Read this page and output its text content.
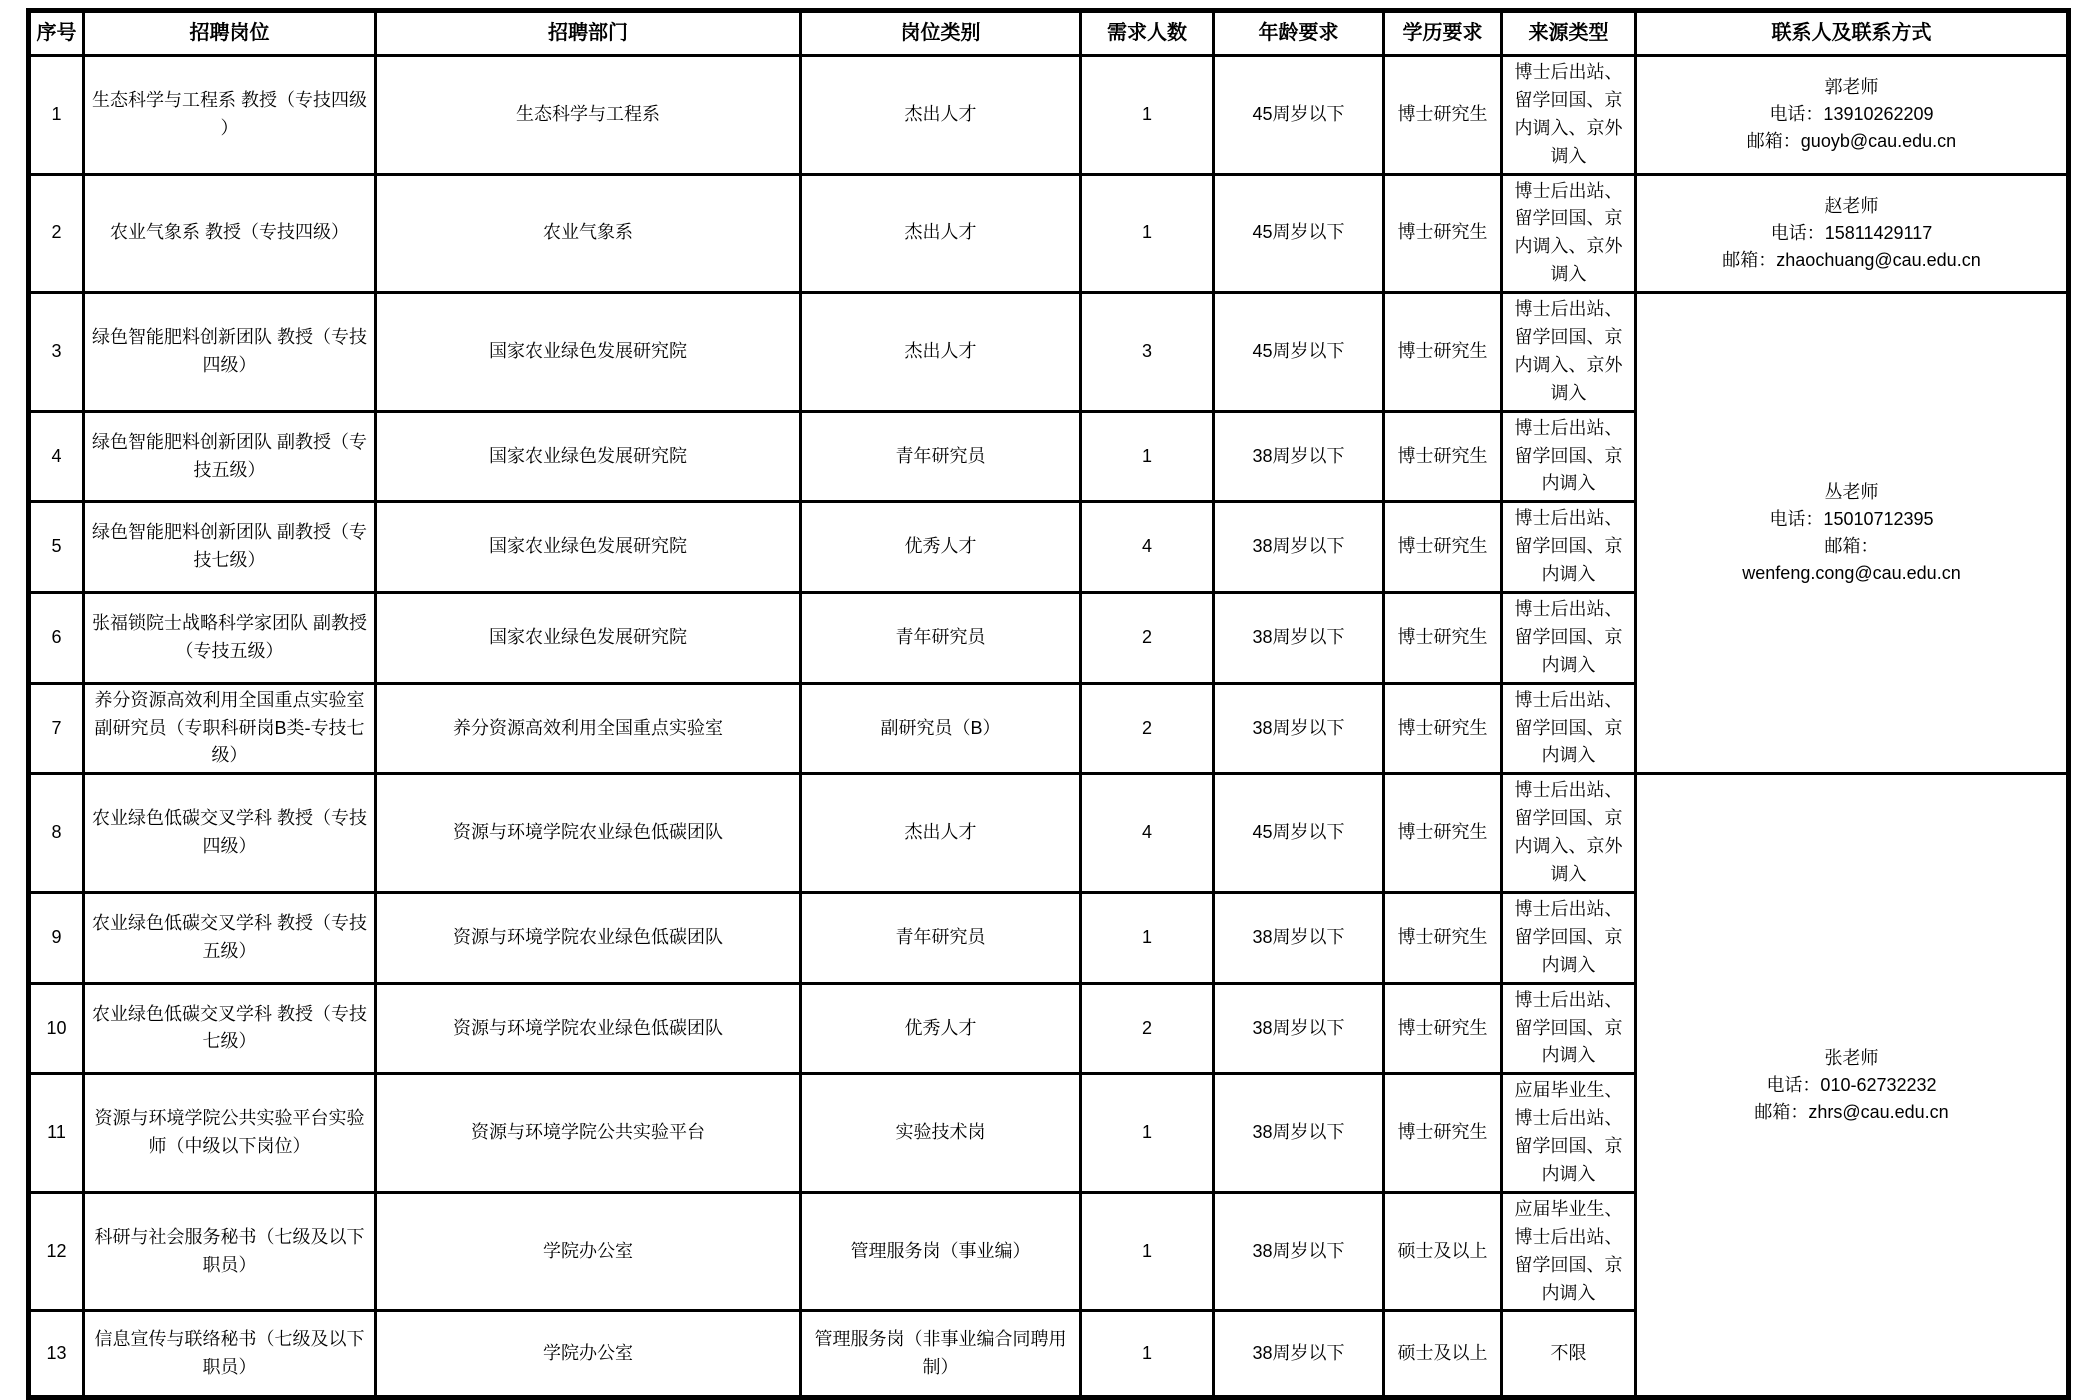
序号	招聘岗位	招聘部门	岗位类别	需求人数	年龄要求	学历要求	来源类型	联系人及联系方式
1	生态科学与工程系 教授（专技四级）	生态科学与工程系	杰出人才	1	45周岁以下	博士研究生	博士后出站、留学回国、京内调入、京外调入	郭老师
电话：13910262209
邮箱：guoyb@cau.edu.cn

2	农业气象系 教授（专技四级）	农业气象系	杰出人才	1	45周岁以下	博士研究生	博士后出站、留学回国、京内调入、京外调入	赵老师
电话：15811429117
邮箱：zhaochuang@cau.edu.cn

3	绿色智能肥料创新团队 教授（专技四级）	国家农业绿色发展研究院	杰出人才	3	45周岁以下	博士研究生	博士后出站、留学回国、京内调入、京外调入	丛老师
电话：15010712395
邮箱：
wenfeng.cong@cau.edu.cn

4	绿色智能肥料创新团队 副教授（专技五级）	国家农业绿色发展研究院	青年研究员	1	38周岁以下	博士研究生	博士后出站、留学回国、京内调入	
5	绿色智能肥料创新团队 副教授（专技七级）	国家农业绿色发展研究院	优秀人才	4	38周岁以下	博士研究生	博士后出站、留学回国、京内调入	
6	张福锁院士战略科学家团队 副教授（专技五级）	国家农业绿色发展研究院	青年研究员	2	38周岁以下	博士研究生	博士后出站、留学回国、京内调入	
7	养分资源高效利用全国重点实验室副研究员（专职科研岗B类-专技七级）	养分资源高效利用全国重点实验室	副研究员（B）	2	38周岁以下	博士研究生	博士后出站、留学回国、京内调入	
8	农业绿色低碳交叉学科 教授（专技四级）	资源与环境学院农业绿色低碳团队	杰出人才	4	45周岁以下	博士研究生	博士后出站、留学回国、京内调入、京外调入	张老师
电话：010-62732232
邮箱：zhrs@cau.edu.cn

9	农业绿色低碳交叉学科 教授（专技五级）	资源与环境学院农业绿色低碳团队	青年研究员	1	38周岁以下	博士研究生	博士后出站、留学回国、京内调入	
10	农业绿色低碳交叉学科 教授（专技七级）	资源与环境学院农业绿色低碳团队	优秀人才	2	38周岁以下	博士研究生	博士后出站、留学回国、京内调入	
11	资源与环境学院公共实验平台实验师（中级以下岗位）	资源与环境学院公共实验平台	实验技术岗	1	38周岁以下	博士研究生	应届毕业生、博士后出站、留学回国、京内调入	
12	科研与社会服务秘书（七级及以下职员）	学院办公室	管理服务岗（事业编）	1	38周岁以下	硕士及以上	应届毕业生、博士后出站、留学回国、京内调入	
13	信息宣传与联络秘书（七级及以下职员）	学院办公室	管理服务岗（非事业编合同聘用制）	1	38周岁以下	硕士及以上	不限	
